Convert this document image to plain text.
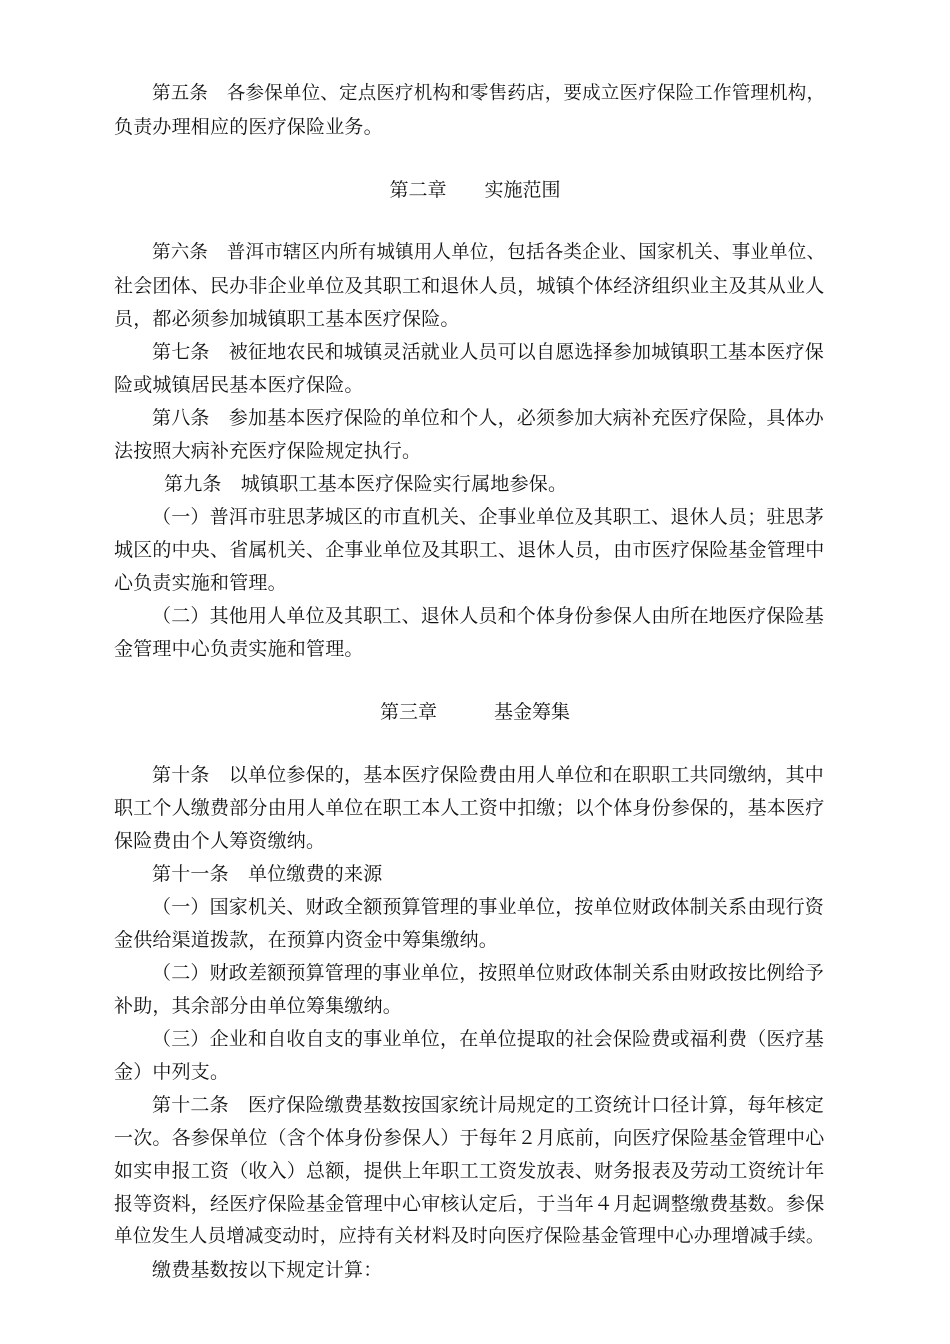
第五条　各参保单位、定点医疗机构和零售药店，要成立医疗保险工作管理机构，
负责办理相应的医疗保险业务。
第二章　　实施范围
第六条　普洱市辖区内所有城镇用人单位，包括各类企业、国家机关、事业单位、
社会团体、民办非企业单位及其职工和退休人员，城镇个体经济组织业主及其从业人
员，都必须参加城镇职工基本医疗保险。
第七条　被征地农民和城镇灵活就业人员可以自愿选择参加城镇职工基本医疗保
险或城镇居民基本医疗保险。
第八条　参加基本医疗保险的单位和个人，必须参加大病补充医疗保险，具体办
法按照大病补充医疗保险规定执行。
第九条　城镇职工基本医疗保险实行属地参保。
（一）普洱市驻思茅城区的市直机关、企事业单位及其职工、退休人员；驻思茅
城区的中央、省属机关、企事业单位及其职工、退休人员，由市医疗保险基金管理中
心负责实施和管理。
（二）其他用人单位及其职工、退休人员和个体身份参保人由所在地医疗保险基
金管理中心负责实施和管理。
第三章　　　基金筹集
第十条　以单位参保的，基本医疗保险费由用人单位和在职职工共同缴纳，其中
职工个人缴费部分由用人单位在职工本人工资中扣缴；以个体身份参保的，基本医疗
保险费由个人筹资缴纳。
第十一条　单位缴费的来源
（一）国家机关、财政全额预算管理的事业单位，按单位财政体制关系由现行资
金供给渠道拨款，在预算内资金中筹集缴纳。
（二）财政差额预算管理的事业单位，按照单位财政体制关系由财政按比例给予
补助，其余部分由单位筹集缴纳。
（三）企业和自收自支的事业单位，在单位提取的社会保险费或福利费（医疗基
金）中列支。
第十二条　医疗保险缴费基数按国家统计局规定的工资统计口径计算，每年核定
一次。各参保单位（含个体身份参保人）于每年２月底前，向医疗保险基金管理中心
如实申报工资（收入）总额，提供上年职工工资发放表、财务报表及劳动工资统计年
报等资料，经医疗保险基金管理中心审核认定后，于当年４月起调整缴费基数。参保
单位发生人员增减变动时，应持有关材料及时向医疗保险基金管理中心办理增减手续。
缴费基数按以下规定计算：
